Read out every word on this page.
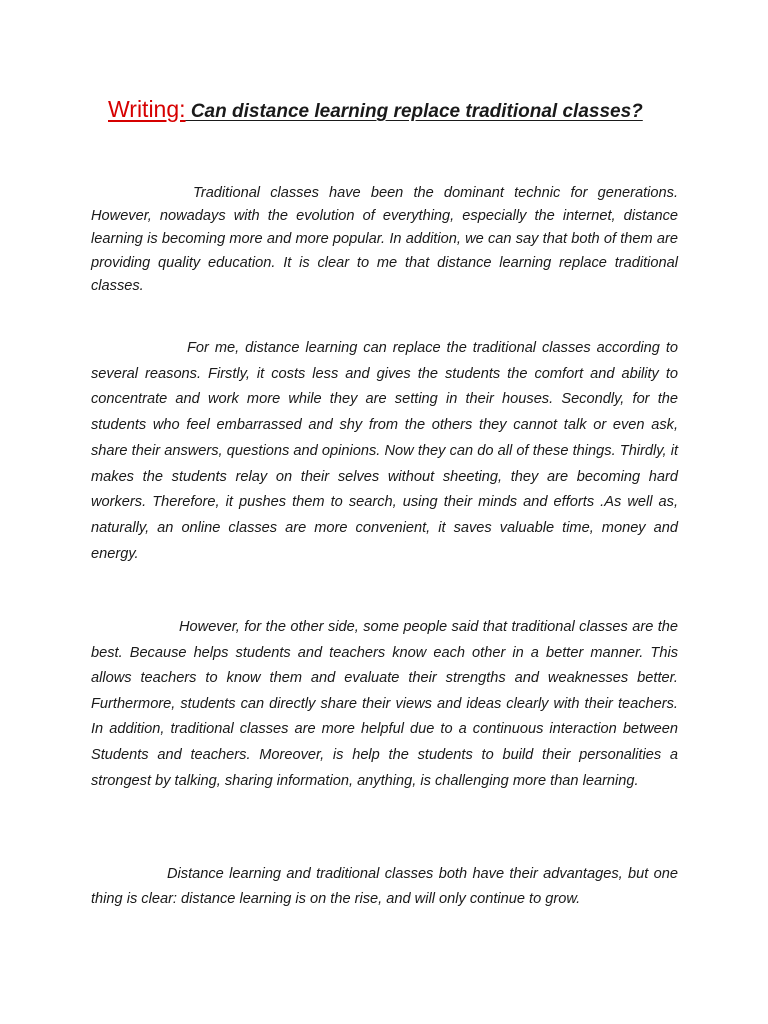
Writing: Can distance learning replace traditional classes?

Traditional classes have been the dominant technic for generations. However, nowadays with the evolution of everything, especially the internet, distance learning is becoming more and more popular. In addition, we can say that both of them are providing quality education. It is clear to me that distance learning replace traditional classes.

For me, distance learning can replace the traditional classes according to several reasons. Firstly, it costs less and gives the students the comfort and ability to concentrate and work more while they are setting in their houses. Secondly, for the students who feel embarrassed and shy from the others they cannot talk or even ask, share their answers, questions and opinions. Now they can do all of these things. Thirdly, it makes the students relay on their selves without sheeting, they are becoming hard workers. Therefore, it pushes them to search, using their minds and efforts .As well as, naturally, an online classes are more convenient, it saves valuable time, money and energy.

However, for the other side, some people said that traditional classes are the best. Because helps students and teachers know each other in a better manner. This allows teachers to know them and evaluate their strengths and weaknesses better. Furthermore, students can directly share their views and ideas clearly with their teachers. In addition, traditional classes are more helpful due to a continuous interaction between Students and teachers. Moreover, is help the students to build their personalities a strongest by talking, sharing information, anything, is challenging more than learning.

Distance learning and traditional classes both have their advantages, but one thing is clear: distance learning is on the rise, and will only continue to grow.
